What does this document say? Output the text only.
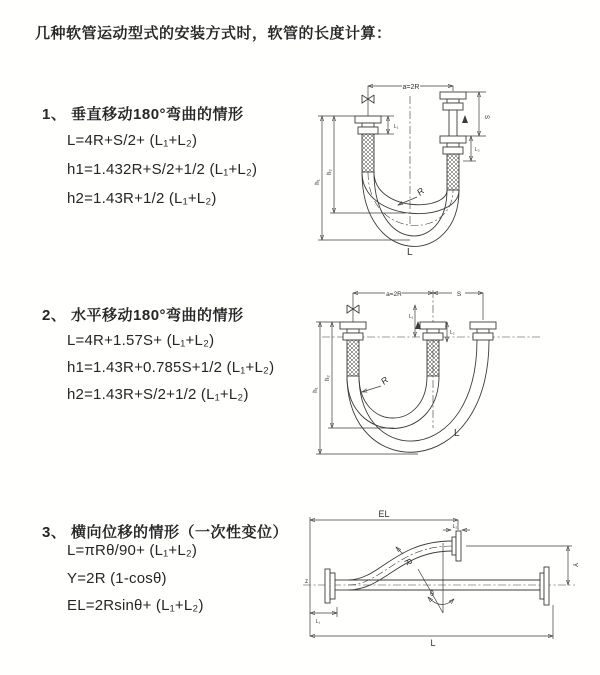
几种软管运动型式的安装方式时，软管的长度计算：
1、 垂直移动180°弯曲的情形
L=4R+S/2+ (L₁+L₂)
h1=1.432R+S/2+1/2 (L₁+L₂)
h2=1.43R+1/2 (L₁+L₂)
2、 水平移动180°弯曲的情形
L=4R+1.57S+ (L₁+L₂)
h1=1.43R+0.785S+1/2 (L₁+L₂)
h2=1.43R+S/2+1/2 (L₁+L₂)
3、 横向位移的情形（一次性变位）
L=πRθ/90+ (L₁+L₂)
Y=2R (1-cosθ)
EL=2Rsinθ+ (L₁+L₂)
a=2R
L₁
S
L₂
h₁
h₂
R
L
a=2R	S
L₁
L₂
h₁
h₂	R
L
z
EL
L₂
Y
θ
R
L
L₁
